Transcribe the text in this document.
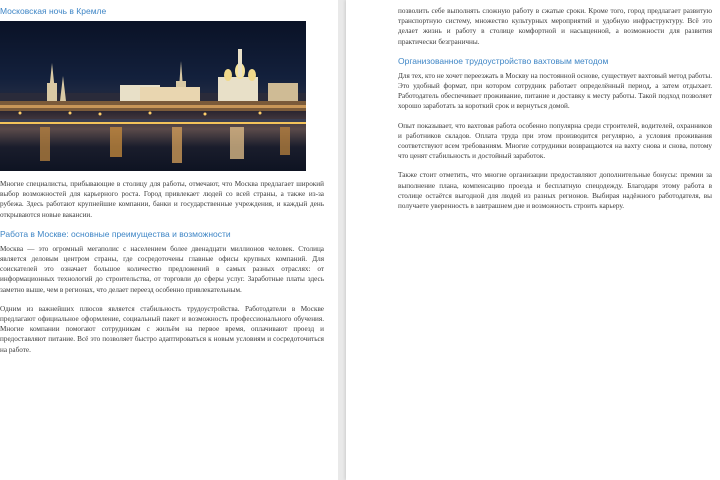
Московская ночь в Кремле

Многие специалисты, прибывающие в столицу для работы, отмечают, что Москва предлагает широкий выбор возможностей для карьерного роста. Город привлекает людей со всей страны, а также из-за рубежа. Здесь работают крупнейшие компании, банки и государственные учреждения, и каждый день открываются новые вакансии.

Работа в Москве: основные преимущества и возможности

Москва — это огромный мегаполис с населением более двенадцати миллионов человек. Столица является деловым центром страны, где сосредоточены главные офисы крупных компаний. Для соискателей это означает большое количество предложений в самых разных отраслях: от информационных технологий до строительства, от торговли до сферы услуг. Заработные платы здесь заметно выше, чем в регионах, что делает переезд особенно привлекательным.

Одним из важнейших плюсов является стабильность трудоустройства. Работодатели в Москве предлагают официальное оформление, социальный пакет и возможность профессионального обучения. Многие компании помогают сотрудникам с жильём на первое время, оплачивают проезд и предоставляют питание. Всё это позволяет быстро адаптироваться к новым условиям и сосредоточиться на работе.

позволить себе выполнять сложную работу в сжатые сроки. Кроме того, город предлагает развитую транспортную систему, множество культурных мероприятий и удобную инфраструктуру. Всё это делает жизнь и работу в столице комфортной и насыщенной, а возможности для развития практически безграничны.

Организованное трудоустройство вахтовым методом

Для тех, кто не хочет переезжать в Москву на постоянной основе, существует вахтовый метод работы. Это удобный формат, при котором сотрудник работает определённый период, а затем отдыхает. Работодатель обеспечивает проживание, питание и доставку к месту работы. Такой подход позволяет хорошо заработать за короткий срок и вернуться домой.

Опыт показывает, что вахтовая работа особенно популярна среди строителей, водителей, охранников и работников складов. Оплата труда при этом производится регулярно, а условия проживания соответствуют всем требованиям. Многие сотрудники возвращаются на вахту снова и снова, потому что ценят стабильность и достойный заработок.

Также стоит отметить, что многие организации предоставляют дополнительные бонусы: премии за выполнение плана, компенсацию проезда и бесплатную спецодежду. Благодаря этому работа в столице остаётся выгодной для людей из разных регионов. Выбирая надёжного работодателя, вы получаете уверенность в завтрашнем дне и возможность строить карьеру.
